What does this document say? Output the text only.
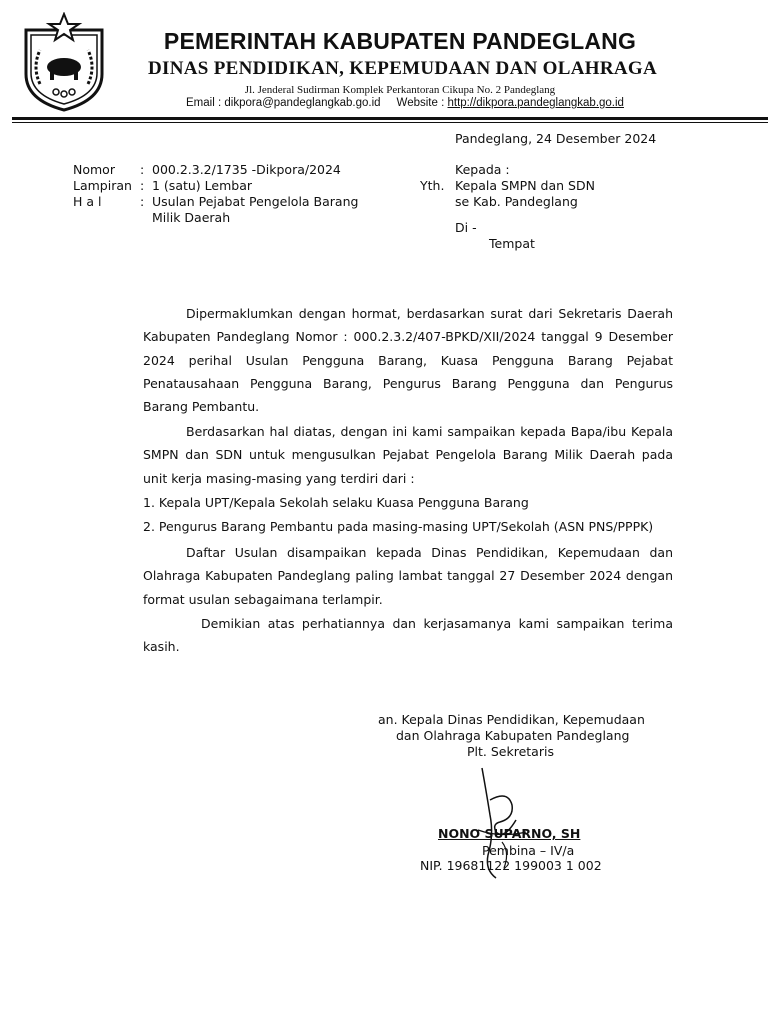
PEMERINTAH KABUPATEN PANDEGLANG
DINAS PENDIDIKAN, KEPEMUDAAN DAN OLAHRAGA
Jl. Jenderal Sudirman Komplek Perkantoran Cikupa No. 2 Pandeglang
Email : dikpora@pandeglangkab.go.id Website : http://dikpora.pandeglangkab.go.id
Pandeglang, 24 Desember 2024
Nomor	:	000.2.3.2/1735 -Dikpora/2024
Lampiran	:	1 (satu) Lembar
H a l	:	Usulan Pejabat Pengelola Barang
		Milik Daerah
	Kepada :
Yth.	Kepala SMPN dan SDN
	se Kab. Pandeglang

	Di -
	Tempat
Dipermaklumkan dengan hormat, berdasarkan surat dari Sekretaris Daerah Kabupaten Pandeglang Nomor : 000.2.3.2/407-BPKD/XII/2024 tanggal 9 Desember 2024 perihal Usulan Pengguna Barang, Kuasa Pengguna Barang Pejabat Penatausahaan Pengguna Barang, Pengurus Barang Pengguna dan Pengurus Barang Pembantu.
Berdasarkan hal diatas, dengan ini kami sampaikan kepada Bapa/ibu Kepala SMPN dan SDN untuk mengusulkan Pejabat Pengelola Barang Milik Daerah pada unit kerja masing-masing yang terdiri dari :
1. Kepala UPT/Kepala Sekolah selaku Kuasa Pengguna Barang
2. Pengurus Barang Pembantu pada masing-masing UPT/Sekolah (ASN PNS/PPPK)
Daftar Usulan disampaikan kepada Dinas Pendidikan, Kepemudaan dan Olahraga Kabupaten Pandeglang paling lambat tanggal 27 Desember 2024 dengan format usulan sebagaimana terlampir.
Demikian atas perhatiannya dan kerjasamanya kami sampaikan terima kasih.
an. Kepala Dinas Pendidikan, Kepemudaan
dan Olahraga Kabupaten Pandeglang
Plt. Sekretaris
NONO SUPARNO, SH
Pembina – IV/a
NIP. 19681122 199003 1 002
